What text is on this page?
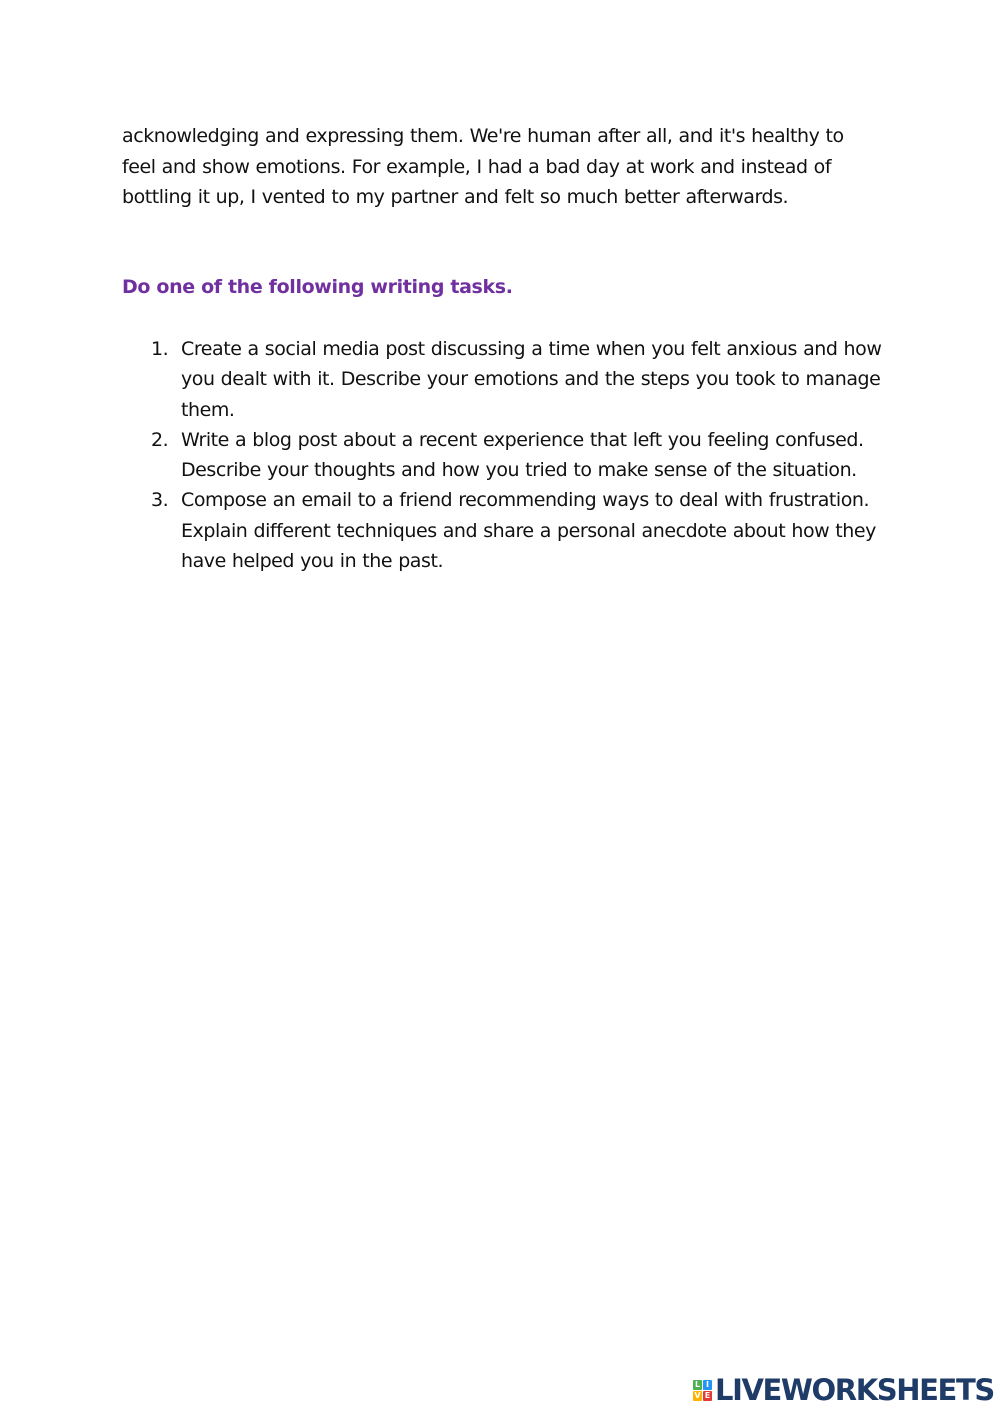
acknowledging and expressing them. We're human after all, and it's healthy to feel and show emotions. For example, I had a bad day at work and instead of bottling it up, I vented to my partner and felt so much better afterwards.

Do one of the following writing tasks.

1. Create a social media post discussing a time when you felt anxious and how you dealt with it. Describe your emotions and the steps you took to manage them.
2. Write a blog post about a recent experience that left you feeling confused. Describe your thoughts and how you tried to make sense of the situation.
3. Compose an email to a friend recommending ways to deal with frustration. Explain different techniques and share a personal anecdote about how they have helped you in the past.
L I
V E LIVEWORKSHEETS
